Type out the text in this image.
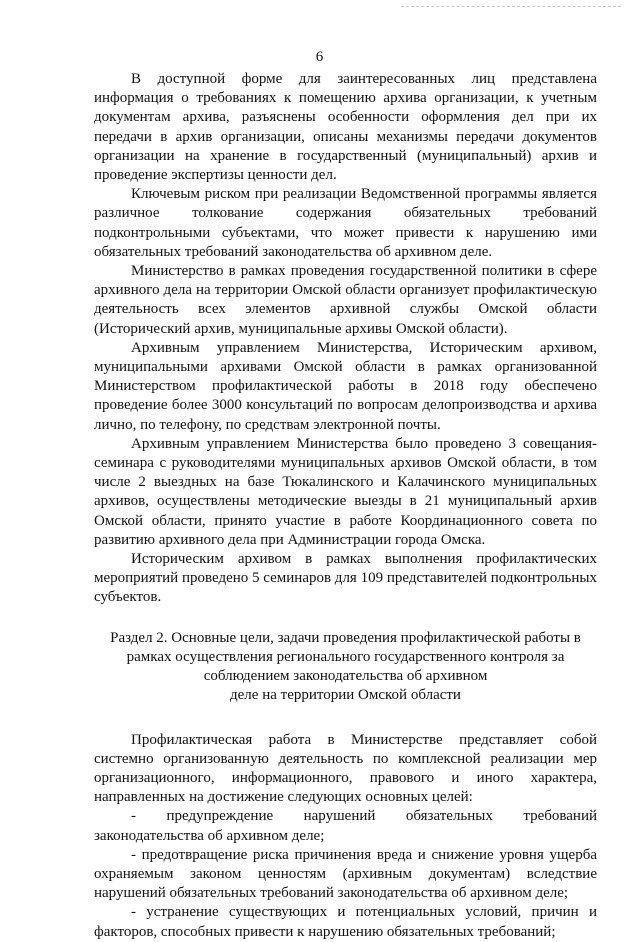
6

В доступной форме для заинтересованных лиц представлена информация о требованиях к помещению архива организации, к учетным документам архива, разъяснены особенности оформления дел при их передачи в архив организации, описаны механизмы передачи документов организации на хранение в государственный (муниципальный) архив и проведение экспертизы ценности дел.

Ключевым риском при реализации Ведомственной программы является различное толкование содержания обязательных требований подконтрольными субъектами, что может привести к нарушению ими обязательных требований законодательства об архивном деле.

Министерство в рамках проведения государственной политики в сфере архивного дела на территории Омской области организует профилактическую деятельность всех элементов архивной службы Омской области (Исторический архив, муниципальные архивы Омской области).

Архивным управлением Министерства, Историческим архивом, муниципальными архивами Омской области в рамках организованной Министерством профилактической работы в 2018 году обеспечено проведение более 3000 консультаций по вопросам делопроизводства и архива лично, по телефону, по средствам электронной почты.

Архивным управлением Министерства было проведено 3 совещания-семинара с руководителями муниципальных архивов Омской области, в том числе 2 выездных на базе Тюкалинского и Калачинского муниципальных архивов, осуществлены методические выезды в 21 муниципальный архив Омской области, принято участие в работе Координационного совета по развитию архивного дела при Администрации города Омска.

Историческим архивом в рамках выполнения профилактических мероприятий проведено 5 семинаров для 109 представителей подконтрольных субъектов.

Раздел 2. Основные цели, задачи проведения профилактической работы в
рамках осуществления регионального государственного контроля за
соблюдением законодательства об архивном
деле на территории Омской области

Профилактическая работа в Министерстве представляет собой системно организованную деятельность по комплексной реализации мер организационного, информационного, правового и иного характера, направленных на достижение следующих основных целей:

- предупреждение нарушений обязательных требований законодательства об архивном деле;

- предотвращение риска причинения вреда и снижение уровня ущерба охраняемым законом ценностям (архивным документам) вследствие нарушений обязательных требований законодательства об архивном деле;

- устранение существующих и потенциальных условий, причин и факторов, способных привести к нарушению обязательных требований;
